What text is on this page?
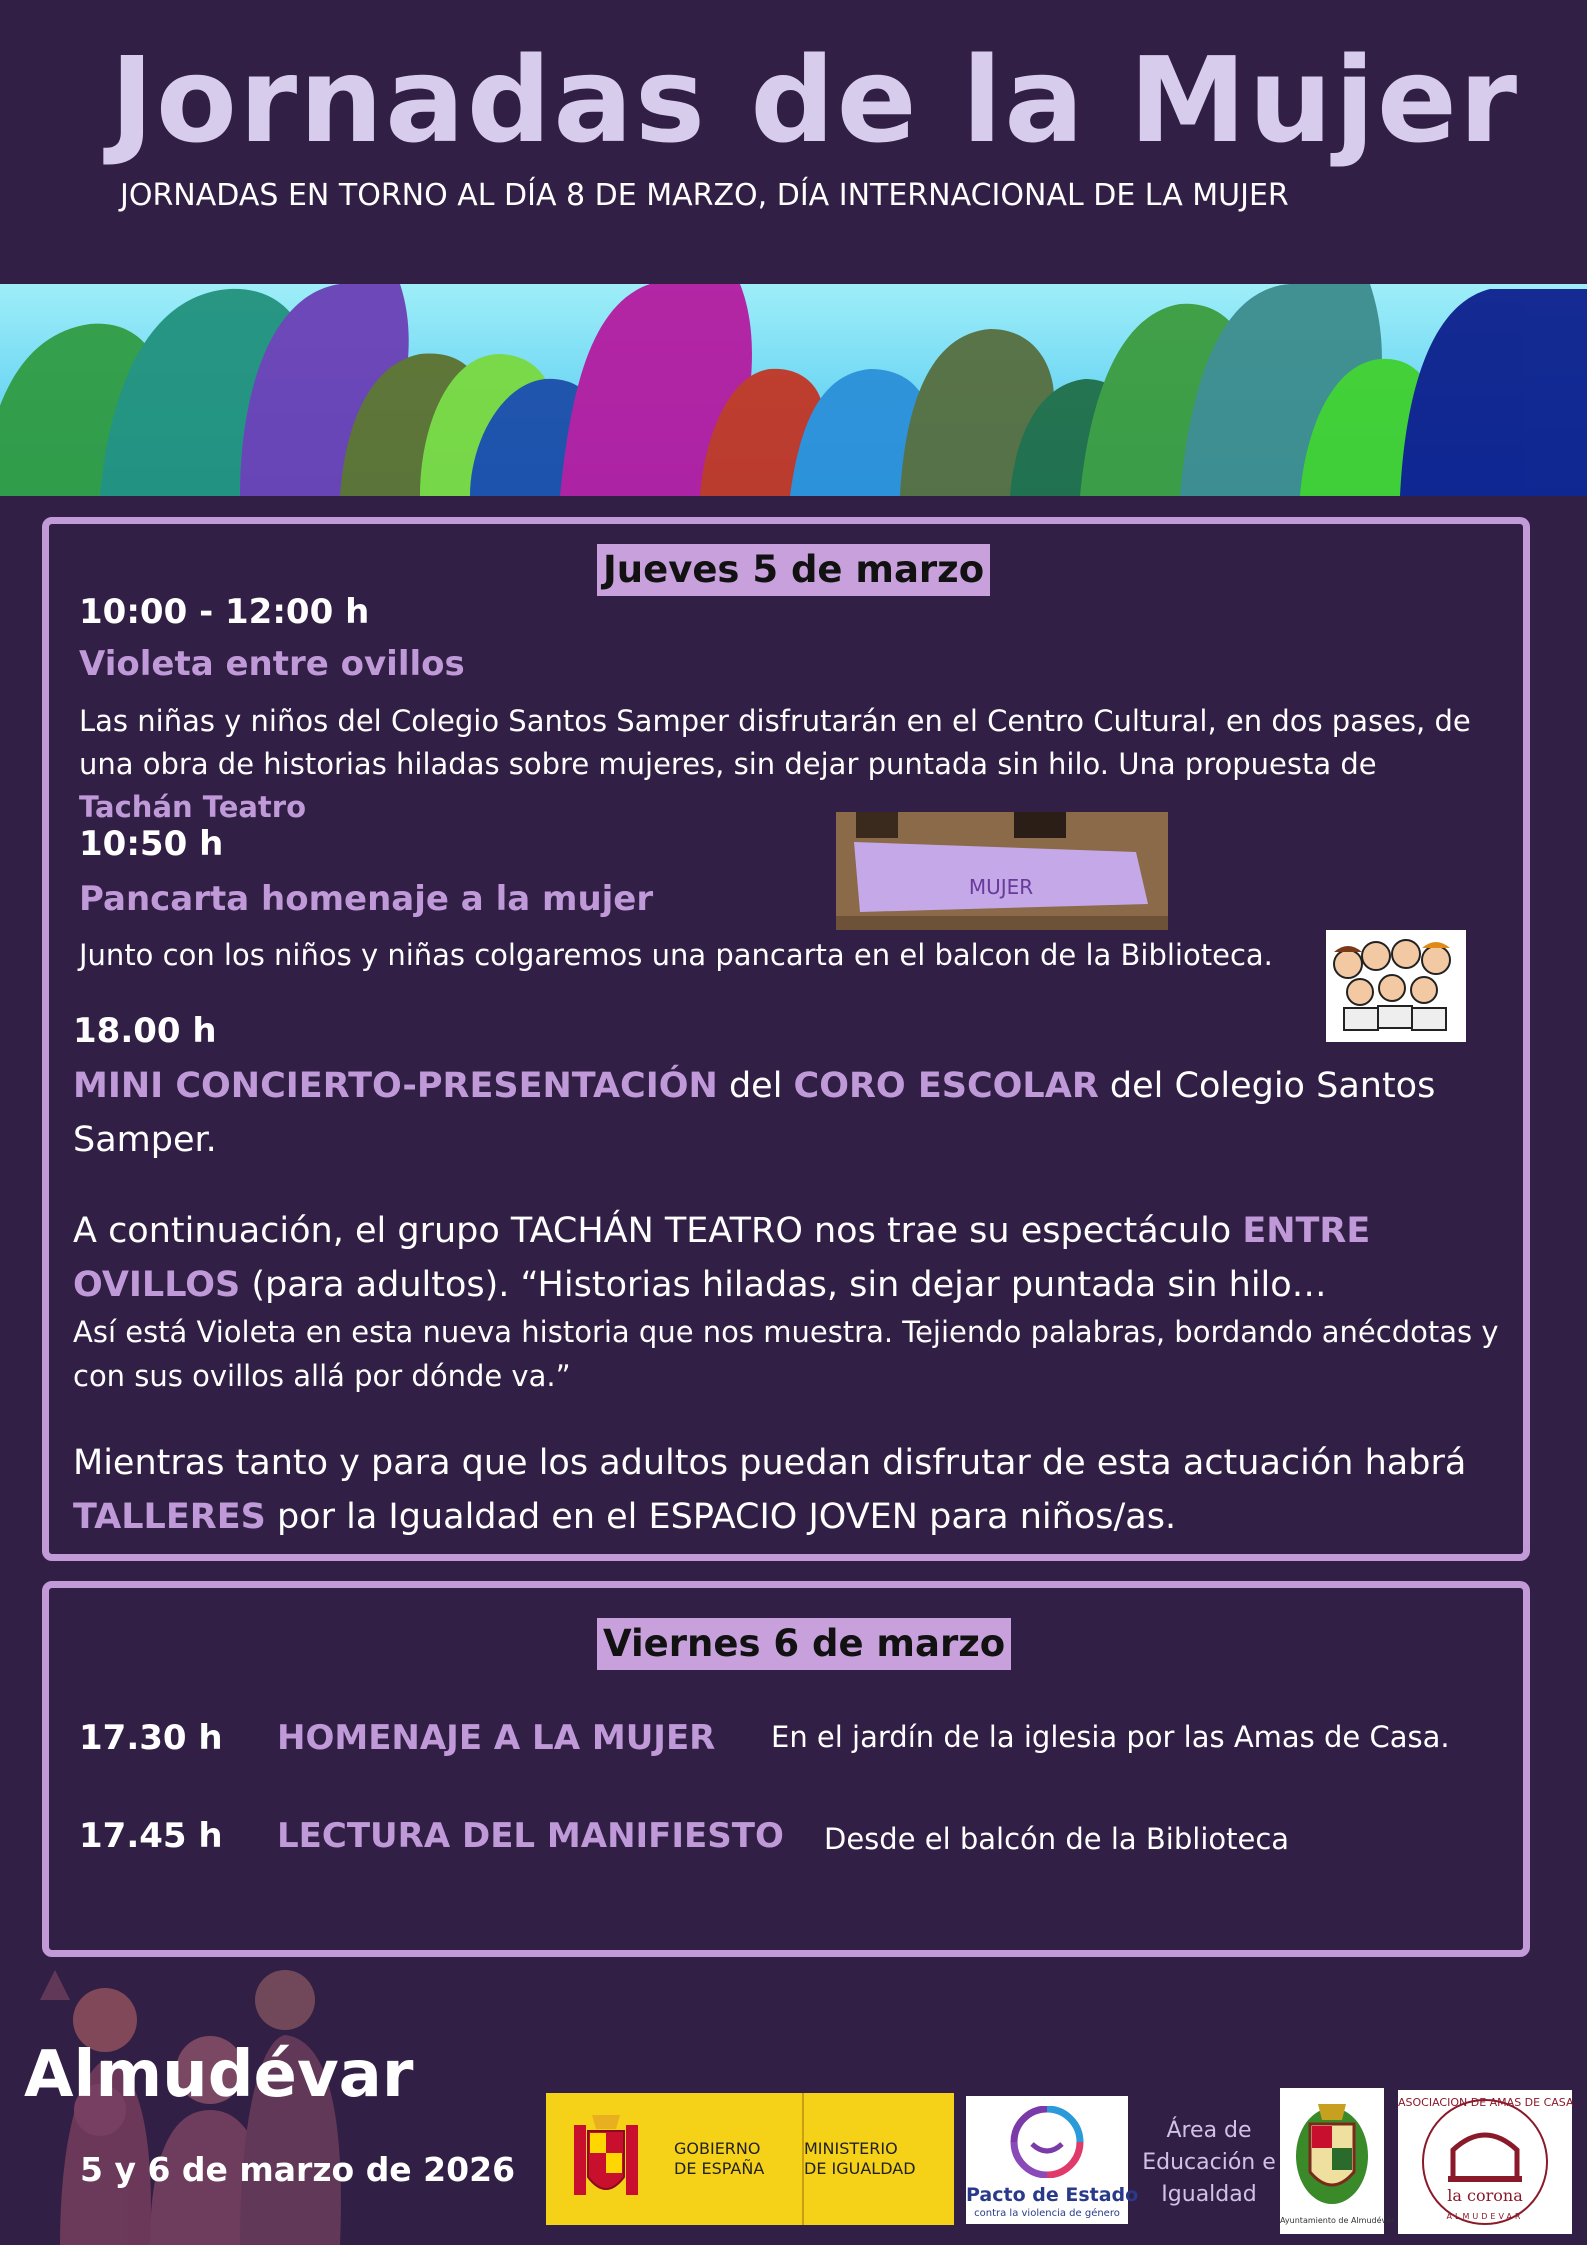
Jornadas de la Mujer
JORNADAS EN TORNO AL DÍA 8 DE MARZO, DÍA INTERNACIONAL DE LA MUJER
Jueves 5 de marzo
10:00 - 12:00 h
Violeta entre ovillos
Las niñas y niños del Colegio Santos Samper disfrutarán en el Centro Cultural, en dos pases, de una obra de historias hiladas sobre mujeres, sin dejar puntada sin hilo. Una propuesta de Tachán Teatro
10:50 h
Pancarta homenaje a la mujer	MUJER
Junto con los niños y niñas colgaremos una pancarta en el balcon de la Biblioteca.
18.00 h
MINI CONCIERTO-PRESENTACIÓN del CORO ESCOLAR del Colegio Santos Samper.
A continuación, el grupo TACHÁN TEATRO nos trae su espectáculo ENTRE OVILLOS (para adultos). “Historias hiladas, sin dejar puntada sin hilo…
Así está Violeta en esta nueva historia que nos muestra. Tejiendo palabras, bordando anécdotas y con sus ovillos allá por dónde va.”
Mientras tanto y para que los adultos puedan disfrutar de esta actuación habrá TALLERES por la Igualdad en el ESPACIO JOVEN para niños/as.
Viernes 6 de marzo
17.30 h HOMENAJE A LA MUJER En el jardín de la iglesia por las Amas de Casa.
17.45 h LECTURA DEL MANIFIESTO Desde el balcón de la Biblioteca
Almudévar
5 y 6 de marzo de 2026
GOBIERNO
DE ESPAÑA
MINISTERIO
DE IGUALDAD
Pacto de Estado
contra la violencia de género
Área de Educación e Igualdad
Ayuntamiento de Almudévar
ASOCIACION DE AMAS DE CASA
la corona
ALMUDEVAR
